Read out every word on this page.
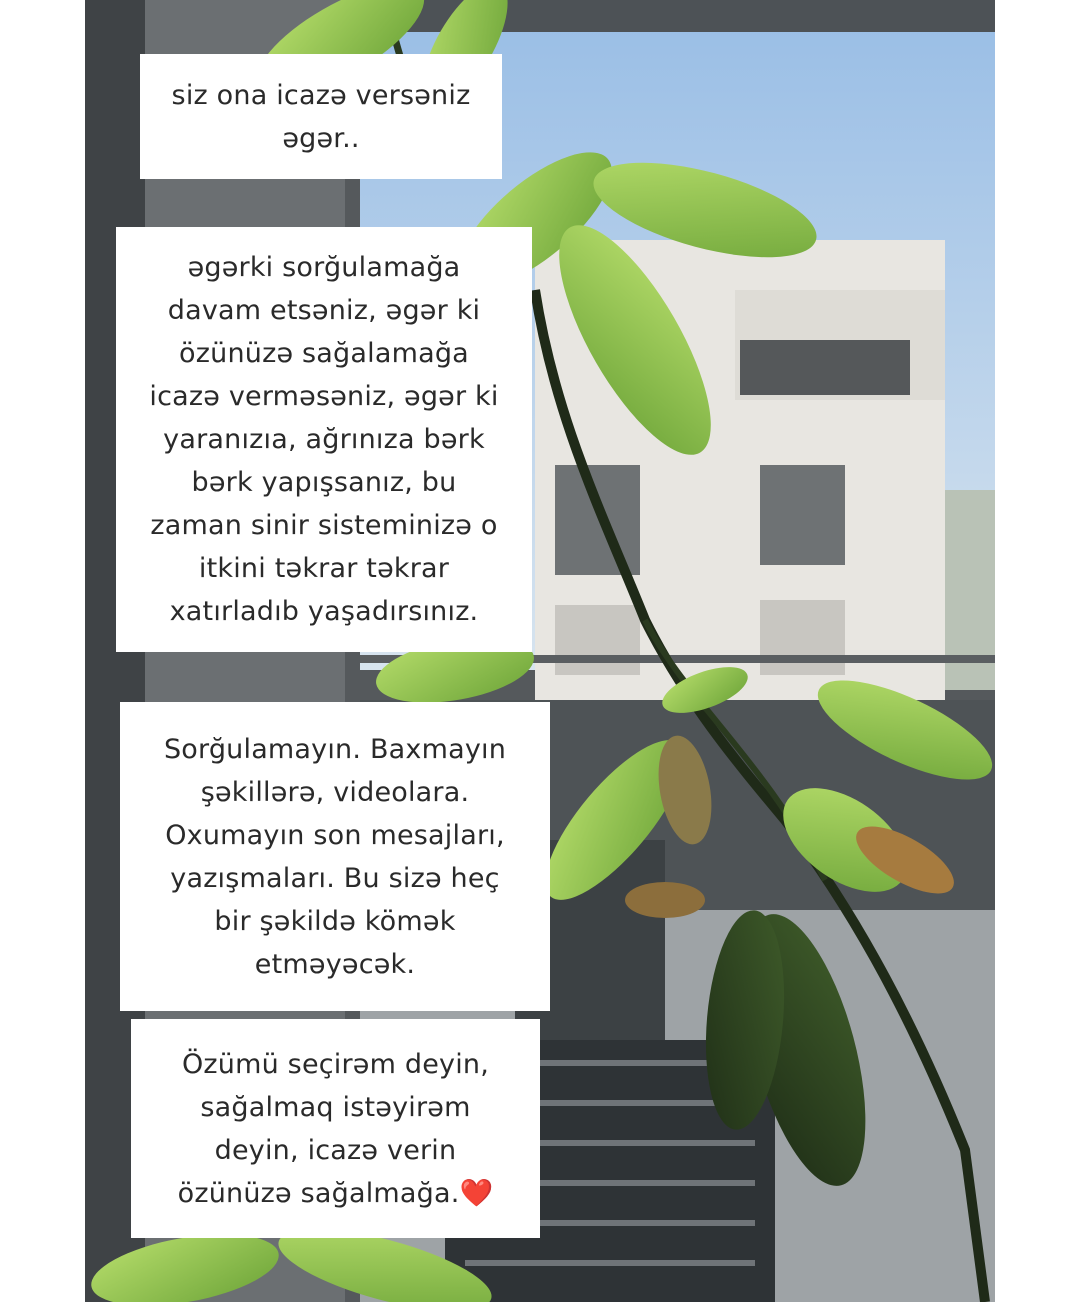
siz ona icazə versəniz
əgər..
əgərki sorğulamağa
davam etsəniz, əgər ki
özünüzə sağalamağa
icazə verməsəniz, əgər ki
yaranızıa, ağrınıza bərk
bərk yapışsanız, bu
zaman sinir sisteminizə o
itkini təkrar təkrar
xatırladıb yaşadırsınız.
Sorğulamayın. Baxmayın
şəkillərə, videolara.
Oxumayın son mesajları,
yazışmaları. Bu sizə heç
bir şəkildə kömək
etməyəcək.
Özümü seçirəm deyin,
sağalmaq istəyirəm
deyin, icazə verin
özünüzə sağalmağa.❤️
